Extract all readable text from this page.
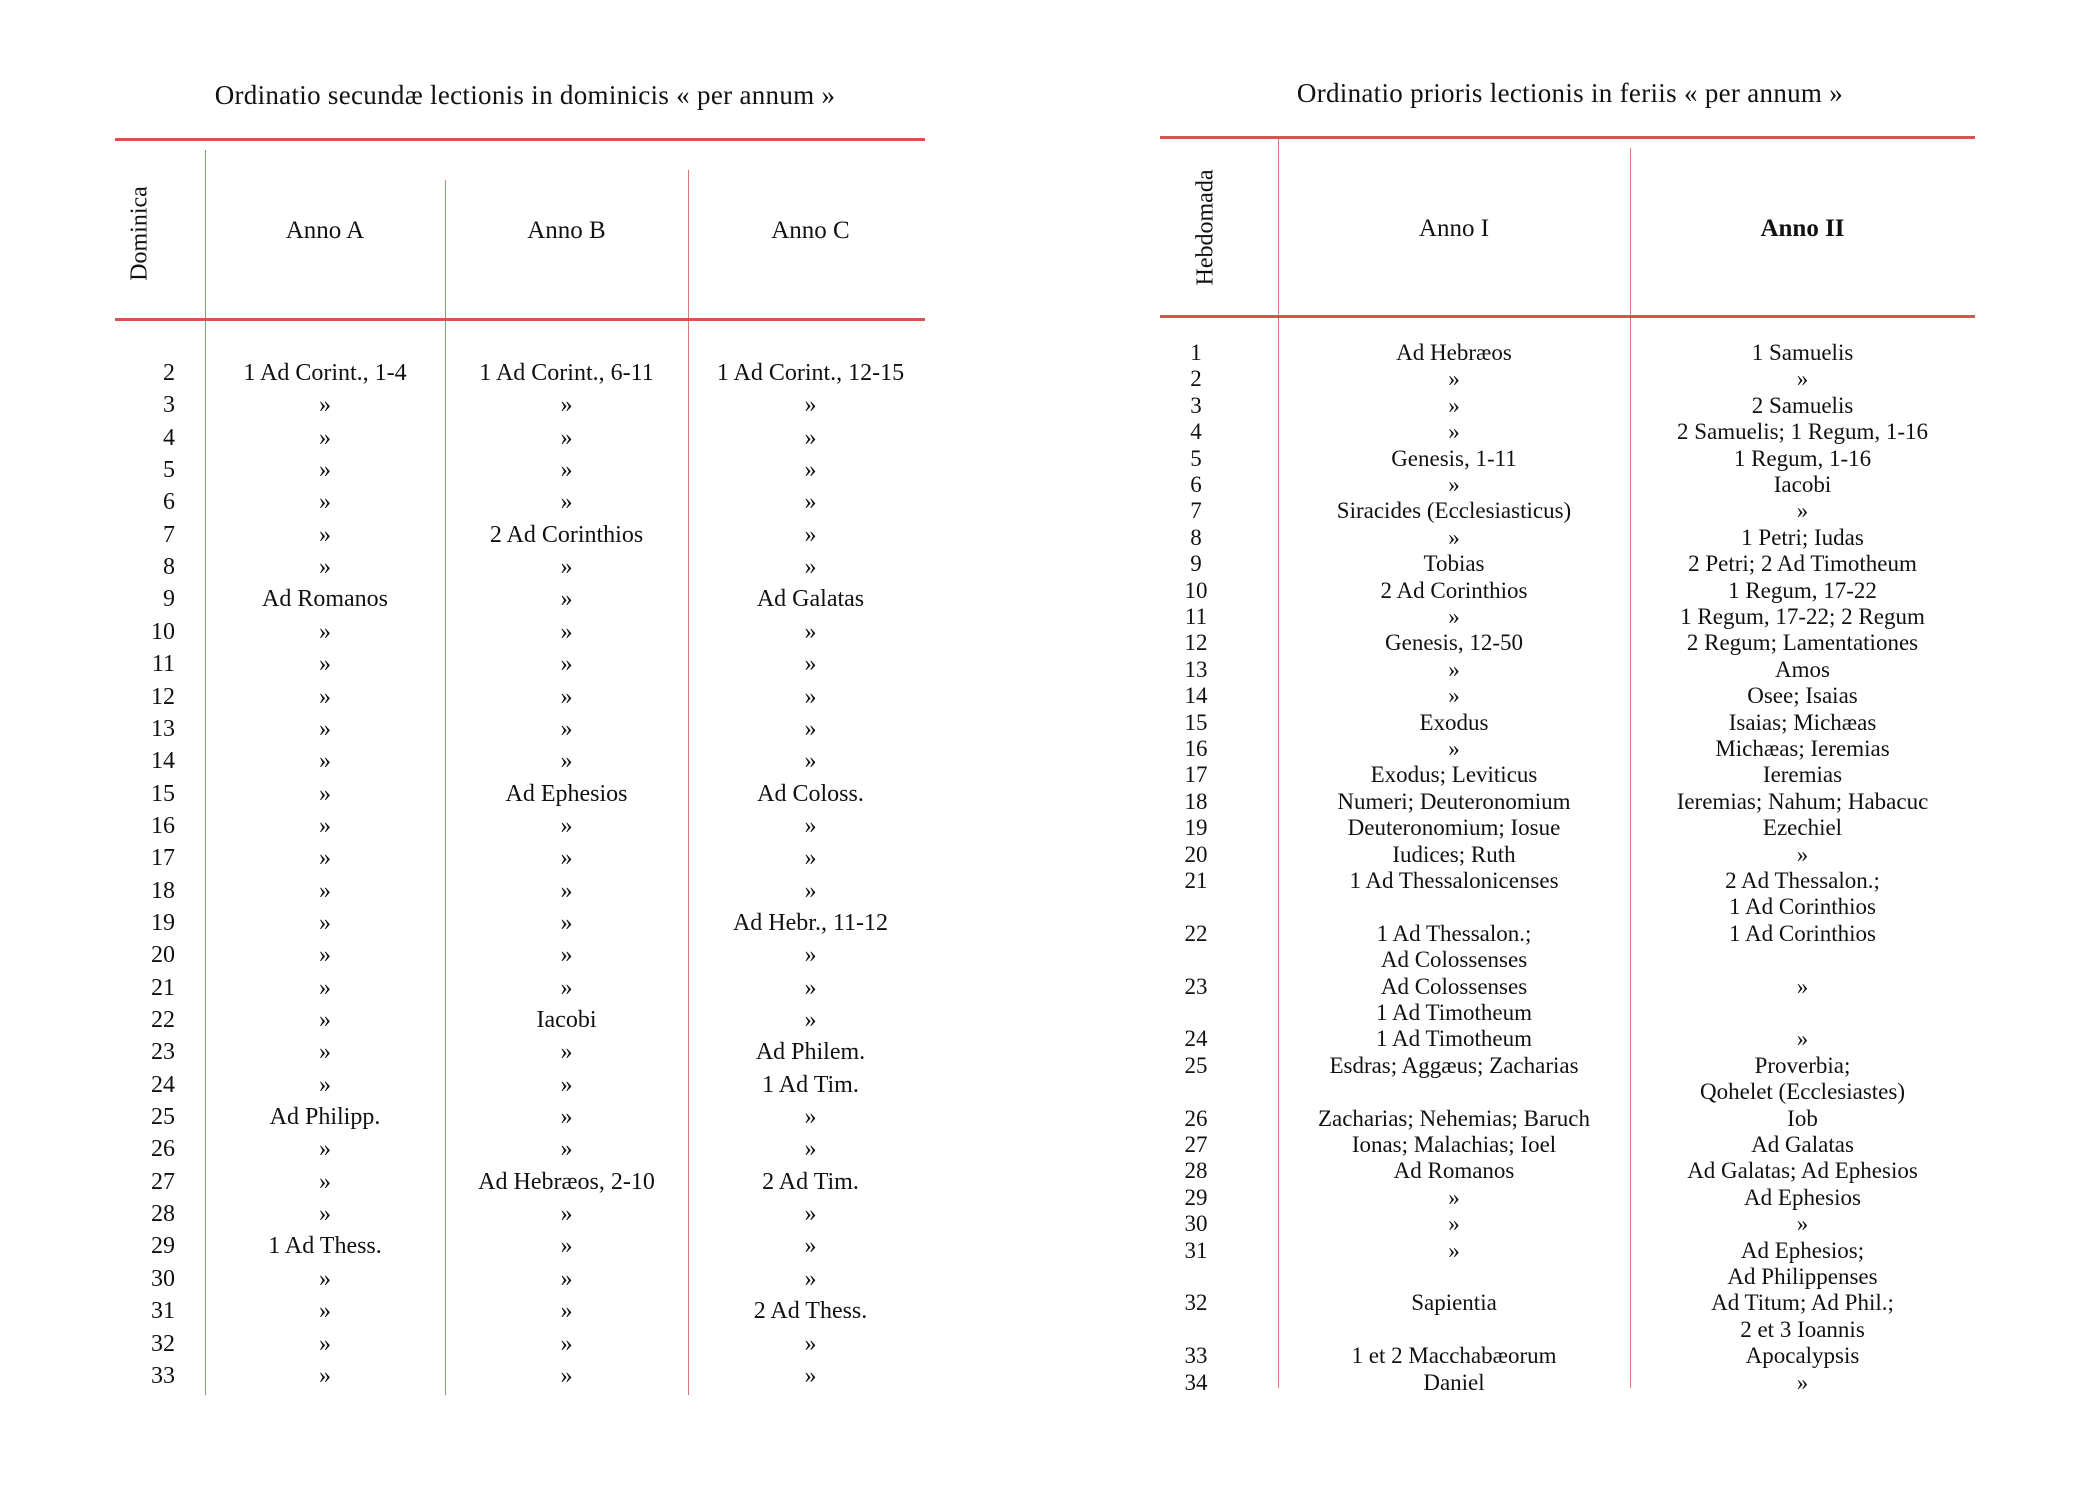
Ordinatio secundæ lectionis in dominicis « per annum »
Dominica	Anno A	Anno B	Anno C
2	1 Ad Corint., 1-4	1 Ad Corint., 6-11	1 Ad Corint., 12-15
3	»	»	»
4	»	»	»
5	»	»	»
6	»	»	»
7	»	2 Ad Corinthios	»
8	»	»	»
9	Ad Romanos	»	Ad Galatas
10	»	»	»
11	»	»	»
12	»	»	»
13	»	»	»
14	»	»	»
15	»	Ad Ephesios	Ad Coloss.
16	»	»	»
17	»	»	»
18	»	»	»
19	»	»	Ad Hebr., 11-12
20	»	»	»
21	»	»	»
22	»	Iacobi	»
23	»	»	Ad Philem.
24	»	»	1 Ad Tim.
25	Ad Philipp.	»	»
26	»	»	»
27	»	Ad Hebræos, 2-10	2 Ad Tim.
28	»	»	»
29	1 Ad Thess.	»	»
30	»	»	»
31	»	»	2 Ad Thess.
32	»	»	»
33	»	»	»
Ordinatio prioris lectionis in feriis « per annum »
Hebdomada	Anno I	Anno II
1	Ad Hebræos	1 Samuelis
2	»	»
3	»	2 Samuelis
4	»	2 Samuelis; 1 Regum, 1-16
5	Genesis, 1-11	1 Regum, 1-16
6	»	Iacobi
7	Siracides (Ecclesiasticus)	»
8	»	1 Petri; Iudas
9	Tobias	2 Petri; 2 Ad Timotheum
10	2 Ad Corinthios	1 Regum, 17-22
11	»	1 Regum, 17-22; 2 Regum
12	Genesis, 12-50	2 Regum; Lamentationes
13	»	Amos
14	»	Osee; Isaias
15	Exodus	Isaias; Michæas
16	»	Michæas; Ieremias
17	Exodus; Leviticus	Ieremias
18	Numeri; Deuteronomium	Ieremias; Nahum; Habacuc
19	Deuteronomium; Iosue	Ezechiel
20	Iudices; Ruth	»
21	1 Ad Thessalonicenses	2 Ad Thessalon.;
1 Ad Corinthios
22	1 Ad Thessalon.;	1 Ad Corinthios
Ad Colossenses
23	Ad Colossenses	»
1 Ad Timotheum
24	1 Ad Timotheum	»
25	Esdras; Aggæus; Zacharias	Proverbia;
Qohelet (Ecclesiastes)
26	Zacharias; Nehemias; Baruch	Iob
27	Ionas; Malachias; Ioel	Ad Galatas
28	Ad Romanos	Ad Galatas; Ad Ephesios
29	»	Ad Ephesios
30	»	»
31	»	Ad Ephesios;
Ad Philippenses
32	Sapientia	Ad Titum; Ad Phil.;
2 et 3 Ioannis
33	1 et 2 Macchabæorum	Apocalypsis
34	Daniel	»
